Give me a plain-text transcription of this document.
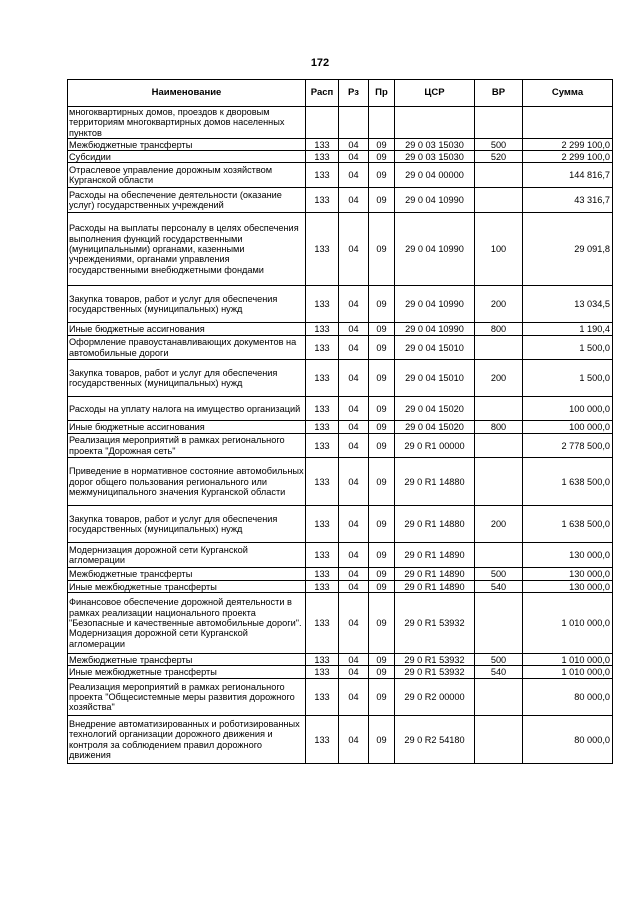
172
Наименование	Расп	Рз	Пр	ЦСР	ВР	Сумма
многоквартирных домов, проездов к дворовым территориям многоквартирных домов населенных пунктов						
Межбюджетные трансферты	133	04	09	29 0 03 15030	500	2 299 100,0
Субсидии	133	04	09	29 0 03 15030	520	2 299 100,0
Отраслевое управление дорожным хозяйством Курганской области	133	04	09	29 0 04 00000		144 816,7
Расходы на обеспечение деятельности (оказание услуг) государственных учреждений	133	04	09	29 0 04 10990		43 316,7
Расходы на выплаты персоналу в целях обеспечения выполнения функций государственными (муниципальными) органами, казенными учреждениями, органами управления государственными внебюджетными фондами	133	04	09	29 0 04 10990	100	29 091,8
Закупка товаров, работ и услуг для обеспечения государственных (муниципальных) нужд	133	04	09	29 0 04 10990	200	13 034,5
Иные бюджетные ассигнования	133	04	09	29 0 04 10990	800	1 190,4
Оформление правоустанавливающих документов на автомобильные дороги	133	04	09	29 0 04 15010		1 500,0
Закупка товаров, работ и услуг для обеспечения государственных (муниципальных) нужд	133	04	09	29 0 04 15010	200	1 500,0
Расходы на уплату налога на имущество организаций	133	04	09	29 0 04 15020		100 000,0
Иные бюджетные ассигнования	133	04	09	29 0 04 15020	800	100 000,0
Реализация мероприятий в рамках регионального проекта "Дорожная сеть"	133	04	09	29 0 R1 00000		2 778 500,0
Приведение в нормативное состояние автомобильных дорог общего пользования регионального или межмуниципального значения Курганской области	133	04	09	29 0 R1 14880		1 638 500,0
Закупка товаров, работ и услуг для обеспечения государственных (муниципальных) нужд	133	04	09	29 0 R1 14880	200	1 638 500,0
Модернизация дорожной сети Курганской агломерации	133	04	09	29 0 R1 14890		130 000,0
Межбюджетные трансферты	133	04	09	29 0 R1 14890	500	130 000,0
Иные межбюджетные трансферты	133	04	09	29 0 R1 14890	540	130 000,0
Финансовое обеспечение дорожной деятельности в рамках реализации национального проекта "Безопасные и качественные автомобильные дороги". Модернизация дорожной сети Курганской агломерации	133	04	09	29 0 R1 53932		1 010 000,0
Межбюджетные трансферты	133	04	09	29 0 R1 53932	500	1 010 000,0
Иные межбюджетные трансферты	133	04	09	29 0 R1 53932	540	1 010 000,0
Реализация мероприятий в рамках регионального проекта "Общесистемные меры развития дорожного хозяйства"	133	04	09	29 0 R2 00000		80 000,0
Внедрение автоматизированных и роботизированных технологий организации дорожного движения и контроля за соблюдением правил дорожного движения	133	04	09	29 0 R2 54180		80 000,0
